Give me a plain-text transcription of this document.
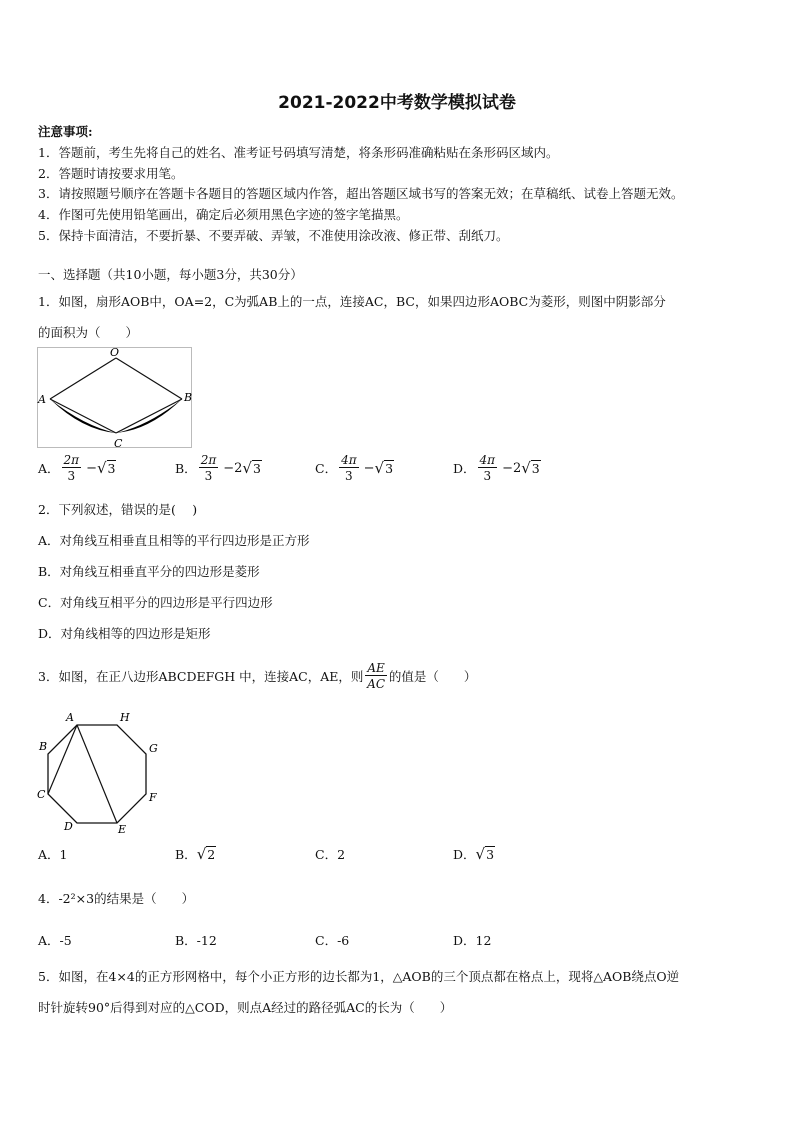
2021-2022中考数学模拟试卷
注意事项:
1．答题前，考生先将自己的姓名、准考证号码填写清楚，将条形码准确粘贴在条形码区域内。
2．答题时请按要求用笔。
3．请按照题号顺序在答题卡各题目的答题区域内作答，超出答题区域书写的答案无效；在草稿纸、试卷上答题无效。
4．作图可先使用铅笔画出，确定后必须用黑色字迹的签字笔描黑。
5．保持卡面清洁，不要折暴、不要弄破、弄皱，不准使用涂改液、修正带、刮纸刀。
一、选择题（共10小题，每小题3分，共30分）
1．如图，扇形AOB中，OA=2，C为弧AB上的一点，连接AC，BC，如果四边形AOBC为菱形，则图中阴影部分
的面积为（　　）
O
A	B
C
A． $\frac{2\pi}{3}$ − √ 3	B． $\frac{2\pi}{3} -2$ √ 3	C． $\frac{4\pi}{3}$ − √ 3	D． $\frac{4\pi}{3} -2$ √ 3
2．下列叙述，错误的是(　 )
A．对角线互相垂直且相等的平行四边形是正方形
B．对角线互相垂直平分的四边形是菱形
C．对角线互相平分的四边形是平行四边形
D．对角线相等的四边形是矩形
3．如图，在正八边形ABCDEFGH 中，连接AC，AE，则 $\frac{AE}{AC}$ 的值是（　　）
A	H
G
F
E
D
C
B
A． 1	B． √ 2	C． 2	D． √ 3
4．-2²×3的结果是（　　）
A．-5	B．-12	C．-6	D．12
5．如图，在4×4的正方形网格中，每个小正方形的边长都为1，△AOB的三个顶点都在格点上，现将△AOB绕点O逆
时针旋转90°后得到对应的△COD，则点A经过的路径弧AC的长为（　　）
